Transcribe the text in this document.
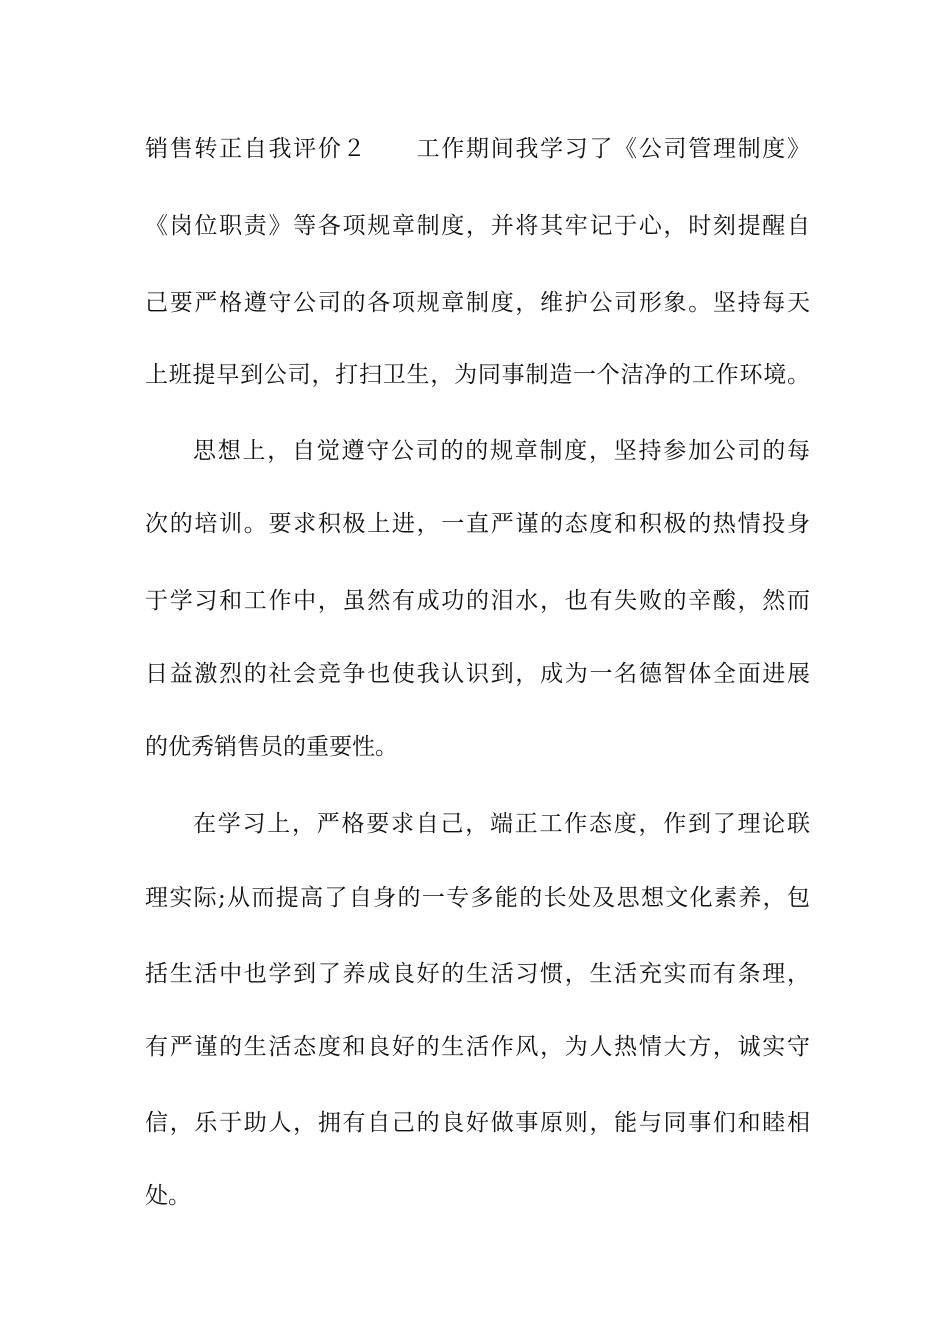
销售转正自我评价２　　工作期间我学习了《公司管理制度》
《岗位职责》等各项规章制度，并将其牢记于心，时刻提醒自
己要严格遵守公司的各项规章制度，维护公司形象。坚持每天
上班提早到公司，打扫卫生，为同事制造一个洁净的工作环境。
思想上，自觉遵守公司的的规章制度，坚持参加公司的每
次的培训。要求积极上进，一直严谨的态度和积极的热情投身
于学习和工作中，虽然有成功的泪水，也有失败的辛酸，然而
日益激烈的社会竞争也使我认识到，成为一名德智体全面进展
的优秀销售员的重要性。
在学习上，严格要求自己，端正工作态度，作到了理论联
理实际;从而提高了自身的一专多能的长处及思想文化素养，包
括生活中也学到了养成良好的生活习惯，生活充实而有条理，
有严谨的生活态度和良好的生活作风，为人热情大方，诚实守
信，乐于助人，拥有自己的良好做事原则，能与同事们和睦相
处。
